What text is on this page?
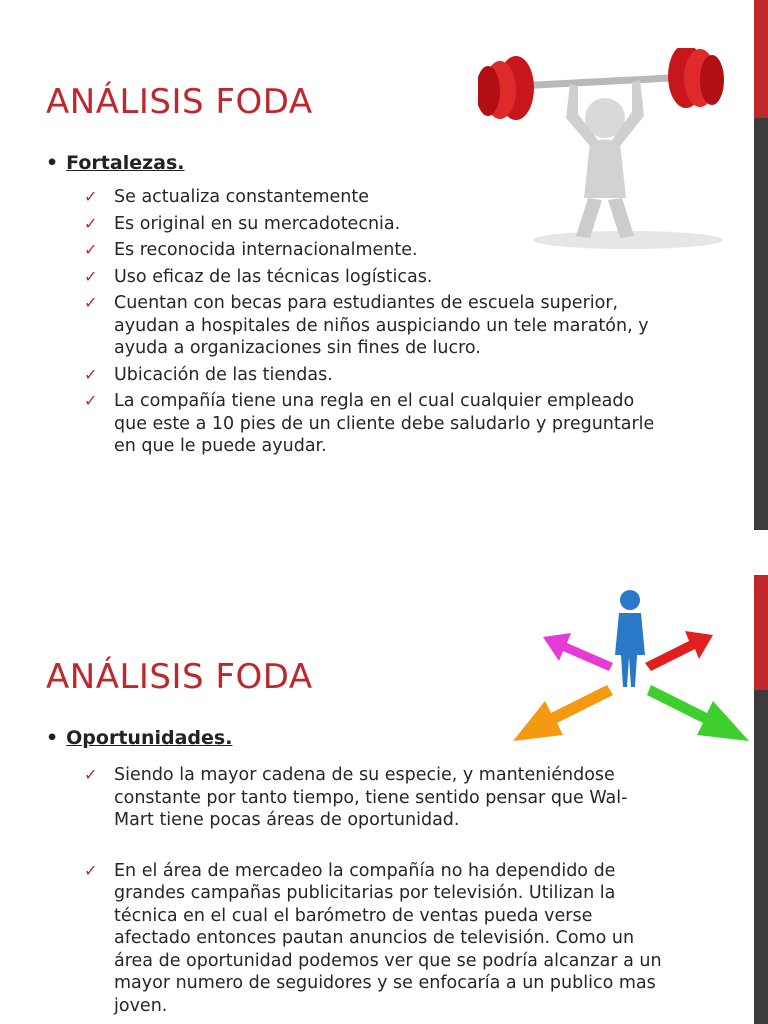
ANÁLISIS FODA
• Fortalezas.
✓ Se actualiza constantemente
✓ Es original en su mercadotecnia.
✓ Es reconocida internacionalmente.
✓ Uso eficaz de las técnicas logísticas.
✓ Cuentan con becas para estudiantes de escuela superior, ayudan a hospitales de niños auspiciando un tele maratón, y ayuda a organizaciones sin fines de lucro.
✓ Ubicación de las tiendas.
✓ La compañía tiene una regla en el cual cualquier empleado que este a 10 pies de un cliente debe saludarlo y preguntarle en que le puede ayudar.
ANÁLISIS FODA
• Oportunidades.
✓ Siendo la mayor cadena de su especie, y manteniéndose constante por tanto tiempo, tiene sentido pensar que Wal-Mart tiene pocas áreas de oportunidad.
✓ En el área de mercadeo la compañía no ha dependido de grandes campañas publicitarias por televisión. Utilizan la técnica en el cual el barómetro de ventas pueda verse afectado entonces pautan anuncios de televisión. Como un área de oportunidad podemos ver que se podría alcanzar a un mayor numero de seguidores y se enfocaría a un publico mas joven.
